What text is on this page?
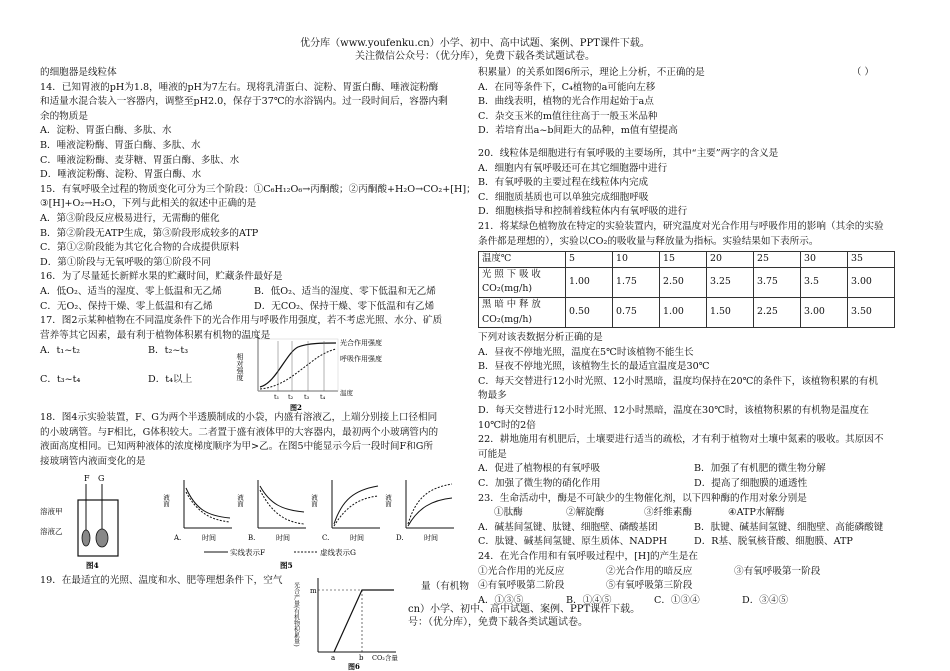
优分库（www.youfenku.cn）小学、初中、高中试题、案例、PPT课件下载。
关注微信公众号：（优分库），免费下载各类试题试卷。
的细胞器是线粒体
14．已知胃液的pH为1.8，唾液的pH为7左右。现将乳清蛋白、淀粉、胃蛋白酶、唾液淀粉酶
和适量水混合装入一容器内，调整至pH2.0，保存于37℃的水浴锅内。过一段时间后，容器内剩
余的物质是
A．淀粉、胃蛋白酶、多肽、水
B．唾液淀粉酶、胃蛋白酶、多肽、水
C．唾液淀粉酶、麦芽糖、胃蛋白酶、多肽、水
D．唾液淀粉酶、淀粉、胃蛋白酶、水
15．有氧呼吸全过程的物质变化可分为三个阶段：①C₆H₁₂O₆→丙酮酸；②丙酮酸+H₂O→CO₂+[H]；
③[H]+O₂→H₂O，下列与此相关的叙述中正确的是
A．第③阶段反应极易进行，无需酶的催化
B．第②阶段无ATP生成，第③阶段形成较多的ATP
C．第①②阶段能为其它化合物的合成提供原料
D．第①阶段与无氧呼吸的第①阶段不同
16．为了尽量延长新鲜水果的贮藏时间，贮藏条件最好是
A．低O₂、适当的湿度、零上低温和无乙烯	B．低O₂、适当的湿度、零下低温和无乙烯
C．无O₂、保持干燥、零上低温和有乙烯	D．无CO₂、保持干燥、零下低温和有乙烯
17．图2示某种植物在不同温度条件下的光合作用与呼吸作用强度，若不考虑光照、水分、矿质
营养等其它因素，最有利于植物体积累有机物的温度是
A．t₁~t₂	B．t₂~t₃
C．t₃~t₄	D．t₄以上	相对强度
光合作用强度
呼吸作用强度
t₁ t₂ t₃ t₄ 温度
图2
18．图4示实验装置，F、G为两个半透膜制成的小袋，内盛有溶液乙，上端分别接上口径相同
的小玻璃管。与F相比，G体积较大。二者置于盛有液体甲的大容器内，最初两个小玻璃管内的
液面高度相同。已知两种液体的浓度梯度顺序为甲>乙。在图5中能显示今后一段时间F和G所
接玻璃管内液面变化的是
F G
溶液甲
溶液乙
图4
液面
A.	时间
液面
B.	时间
液面
C.	时间
液面
D.	时间
实线表示F	虚线表示G
图5
19．在最适宜的光照、温度和水、肥等理想条件下，空气
光合产量(有机物积累量) m
a	b CO₂含量
图6
量（有机物
cn）小学、初中、高中试题、案例、PPT课件下载。
号：（优分库），免费下载各类试题试卷。
积累量）的关系如图6所示，理论上分析，不正确的是	（ ）
A．在同等条件下，C₄植物的a可能向左移
B．曲线表明，植物的光合作用起始于a点
C．杂交玉米的m值往往高于一般玉米品种
D．若培育出a~b间距大的品种，m值有望提高
20．线粒体是细胞进行有氧呼吸的主要场所，其中“主要”两字的含义是
A．细胞内有氧呼吸还可在其它细胞器中进行
B．有氧呼吸的主要过程在线粒体内完成
C．细胞质基质也可以单独完成细胞呼吸
D．细胞核指导和控制着线粒体内有氧呼吸的进行
21．将某绿色植物放在特定的实验装置内，研究温度对光合作用与呼吸作用的影响（其余的实验
条件都是理想的），实验以CO₂的吸收量与释放量为指标。实验结果如下表所示。
温度℃	5	10	15	20	25	30	35

光 照 下 吸 收
CO₂(mg/h)	1.00	1.75	2.50	3.25	3.75	3.5	3.00

黑 暗 中 释 放
CO₂(mg/h)	0.50	0.75	1.00	1.50	2.25	3.00	3.50
下列对该表数据分析正确的是
A．昼夜不停地光照，温度在5℃时该植物不能生长
B．昼夜不停地光照，该植物生长的最适宜温度是30℃
C．每天交替进行12小时光照、12小时黑暗，温度均保持在20℃的条件下，该植物积累的有机
物最多
D．每天交替进行12小时光照、12小时黑暗，温度在30℃时，该植物积累的有机物是温度在
10℃时的2倍
22．耕地施用有机肥后，土壤要进行适当的疏松，才有利于植物对土壤中氮素的吸收。其原因不
可能是
A．促进了植物根的有氧呼吸	B．加强了有机肥的微生物分解
C．加强了微生物的硝化作用	D．提高了细胞膜的通透性
23．生命活动中，酶是不可缺少的生物催化剂，以下四种酶的作用对象分别是
①肽酶	②解旋酶	③纤维素酶	④ATP水解酶
A．碱基间氢键、肽键、细胞壁、磷酸基团	B．肽键、碱基间氢键、细胞壁、高能磷酸键
C．肽键、碱基间氢键、原生质体、NADPH	D．R基、脱氧核苷酸、细胞膜、ATP
24．在光合作用和有氧呼吸过程中，[H]的产生是在
①光合作用的光反应	②光合作用的暗反应	③有氧呼吸第一阶段
④有氧呼吸第二阶段	⑤有氧呼吸第三阶段
A．①③⑤	B．①④⑤	C．①③④	D．③④⑤
